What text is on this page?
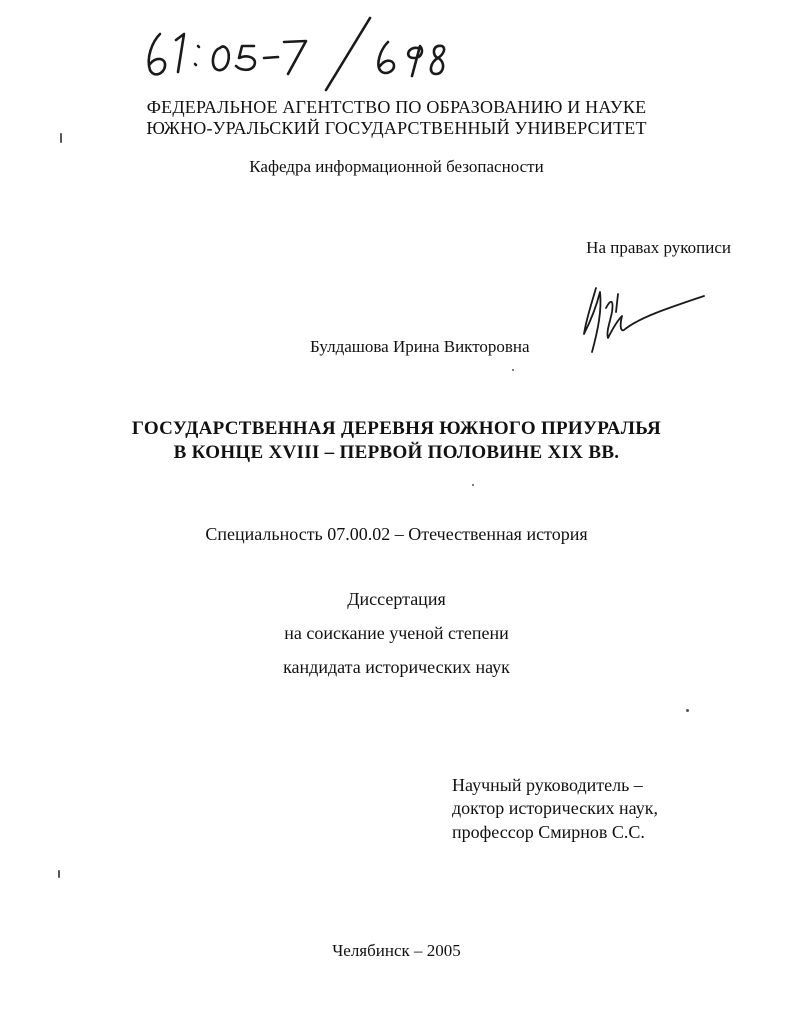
ФЕДЕРАЛЬНОЕ АГЕНТСТВО ПО ОБРАЗОВАНИЮ И НАУКЕ
ЮЖНО-УРАЛЬСКИЙ ГОСУДАРСТВЕННЫЙ УНИВЕРСИТЕТ
Кафедра информационной безопасности
На правах рукописи
Булдашова Ирина Викторовна
ГОСУДАРСТВЕННАЯ ДЕРЕВНЯ ЮЖНОГО ПРИУРАЛЬЯ
В КОНЦЕ XVIII – ПЕРВОЙ ПОЛОВИНЕ XIX ВВ.
Специальность 07.00.02 – Отечественная история
Диссертация
на соискание ученой степени
кандидата исторических наук
Научный руководитель –
доктор исторических наук,
профессор Смирнов С.С.
Челябинск – 2005
